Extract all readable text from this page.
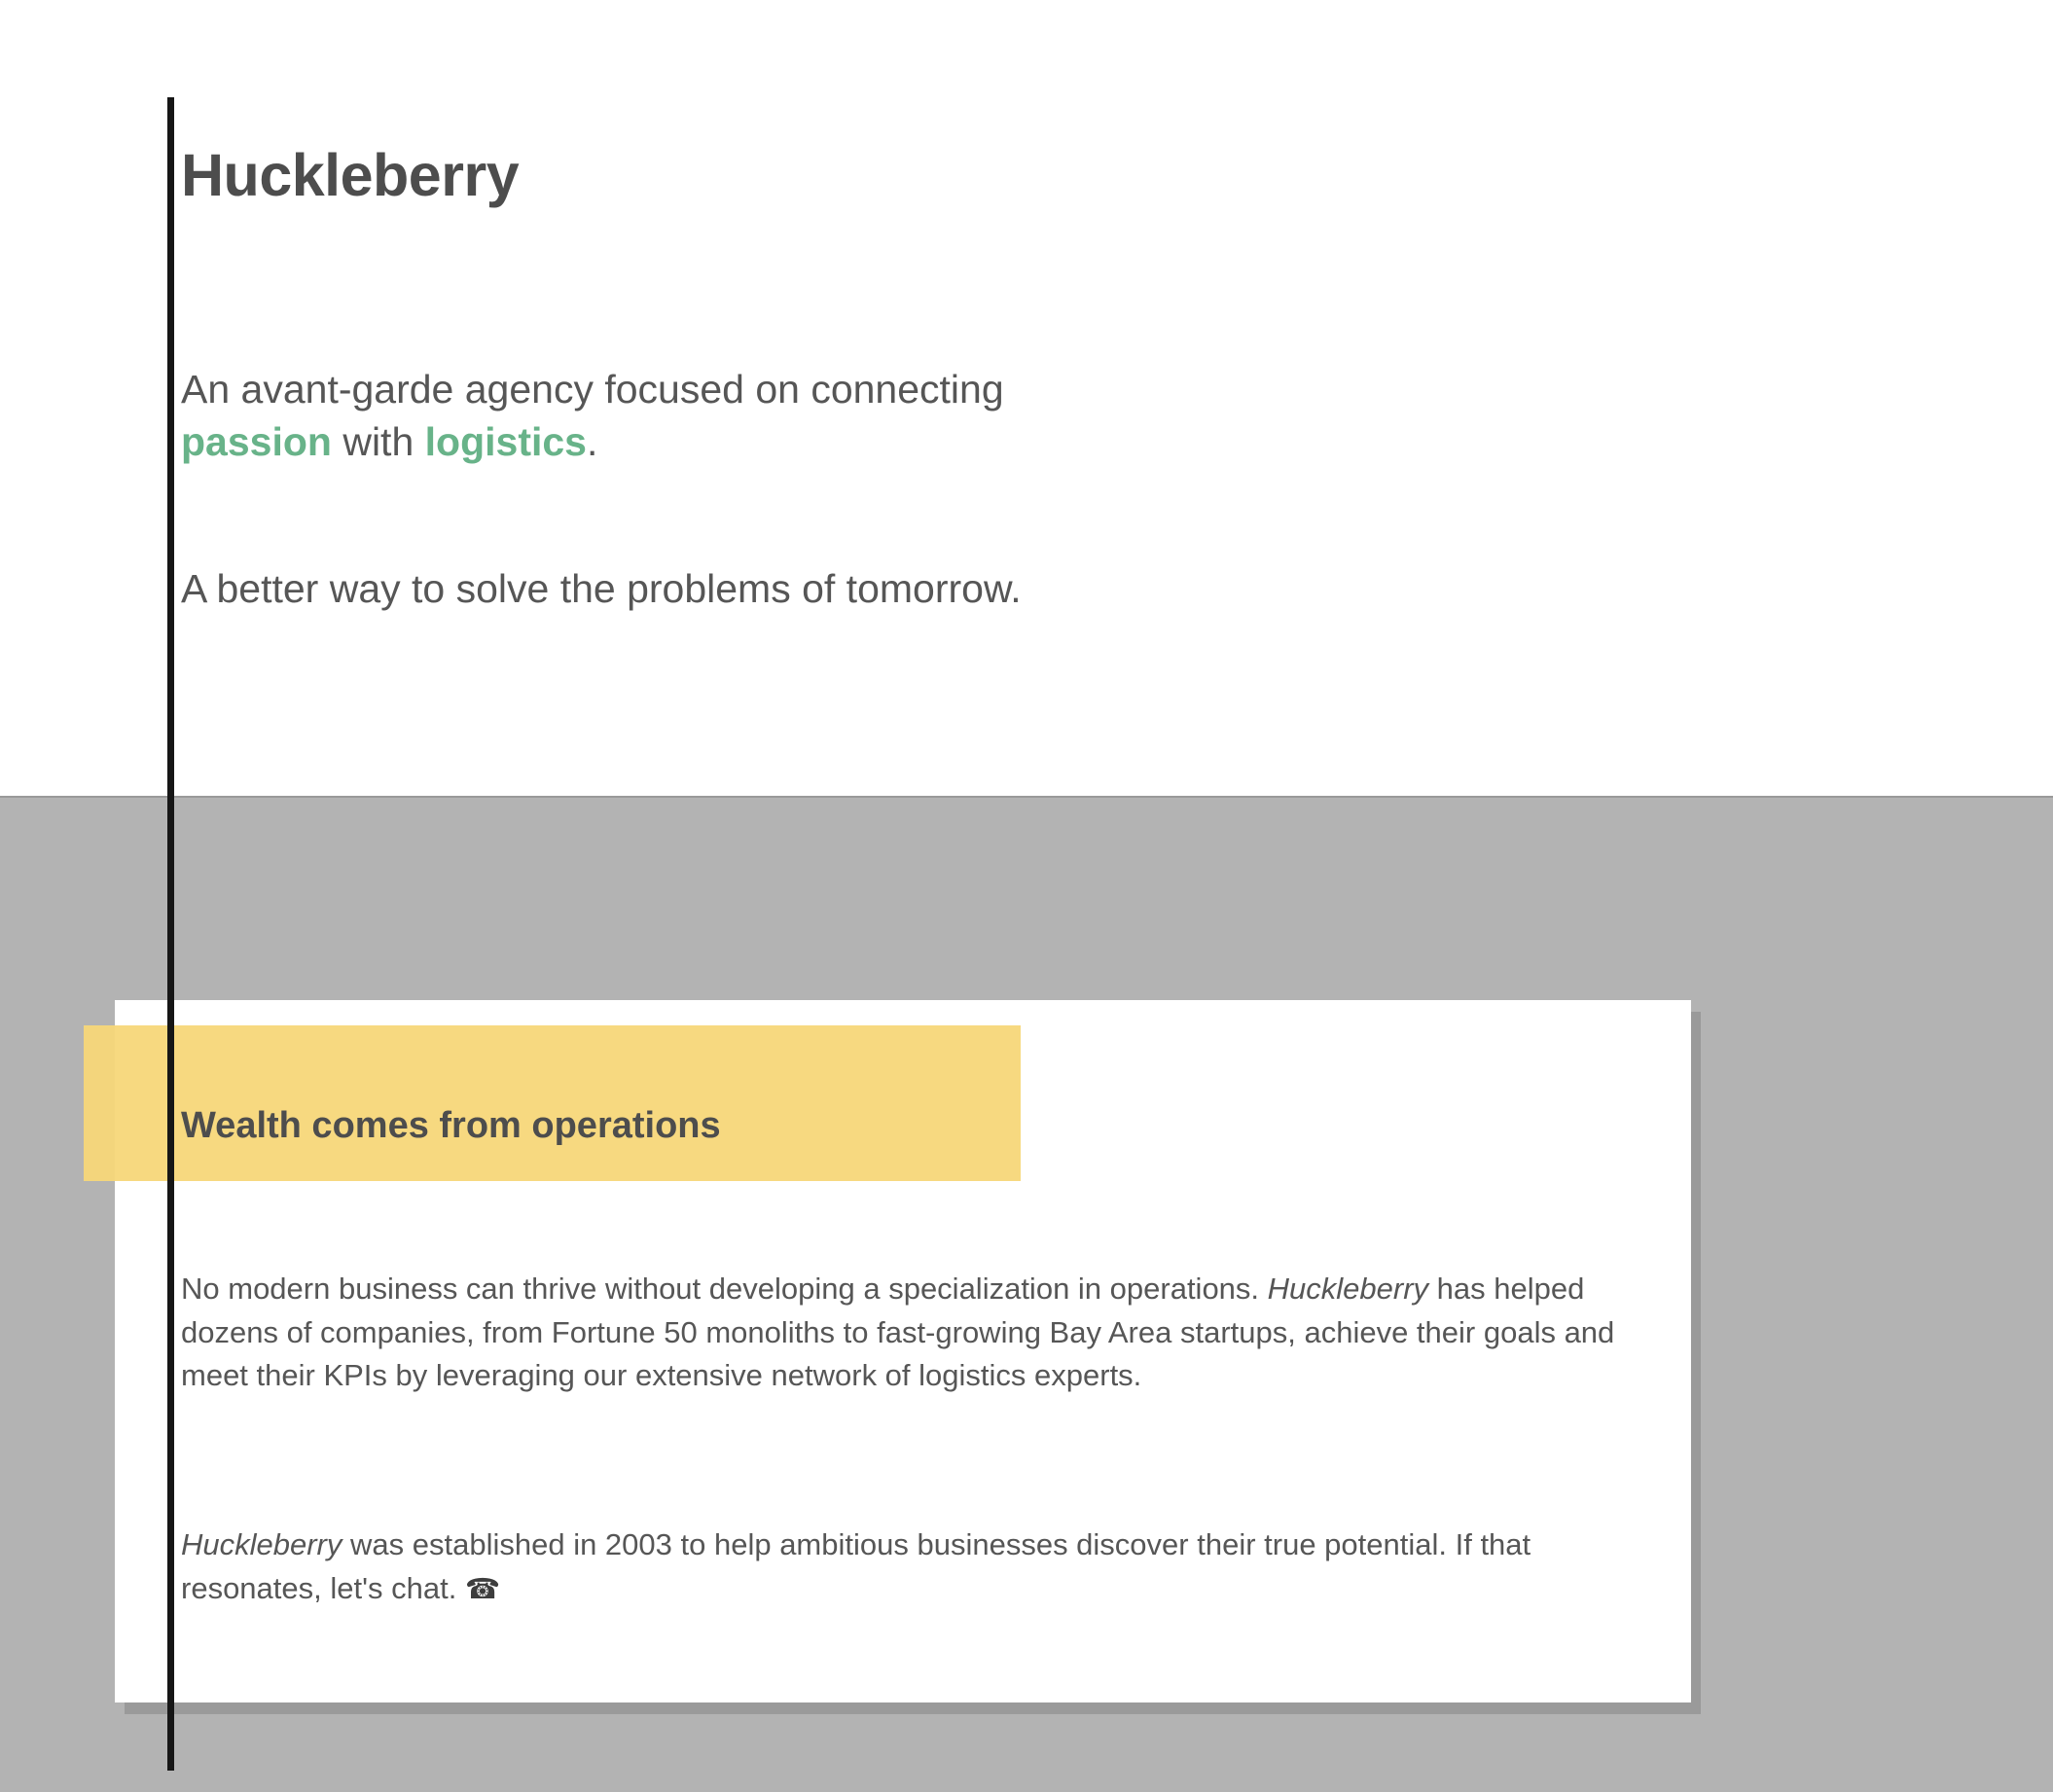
Huckleberry

An avant-garde agency focused on connecting passion with logistics.

A better way to solve the problems of tomorrow.

Wealth comes from operations

No modern business can thrive without developing a specialization in operations. Huckleberry has helped dozens of companies, from Fortune 50 monoliths to fast-growing Bay Area startups, achieve their goals and meet their KPIs by leveraging our extensive network of logistics experts.

Huckleberry was established in 2003 to help ambitious businesses discover their true potential. If that resonates, let's chat. ☎
